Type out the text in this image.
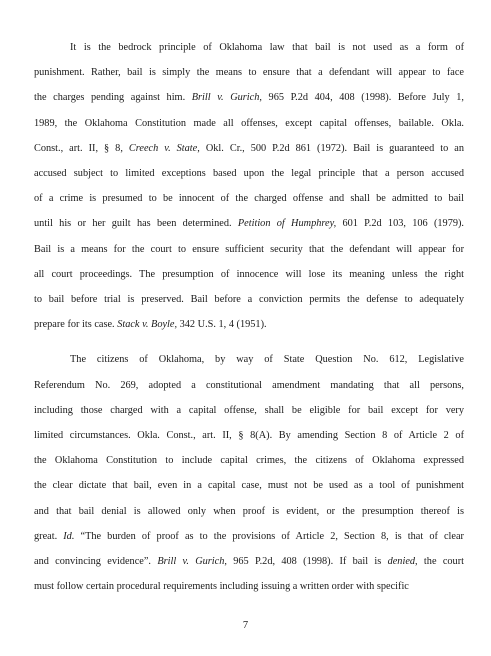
It is the bedrock principle of Oklahoma law that bail is not used as a form of
punishment. Rather, bail is simply the means to ensure that a defendant will appear to face
the charges pending against him. Brill v. Gurich, 965 P.2d 404, 408 (1998). Before July 1,
1989, the Oklahoma Constitution made all offenses, except capital offenses, bailable. Okla.
Const., art. II, § 8, Creech v. State, Okl. Cr., 500 P.2d 861 (1972). Bail is guaranteed to an
accused subject to limited exceptions based upon the legal principle that a person accused
of a crime is presumed to be innocent of the charged offense and shall be admitted to bail
until his or her guilt has been determined. Petition of Humphrey, 601 P.2d 103, 106 (1979).
Bail is a means for the court to ensure sufficient security that the defendant will appear for
all court proceedings. The presumption of innocence will lose its meaning unless the right
to bail before trial is preserved. Bail before a conviction permits the defense to adequately
prepare for its case. Stack v. Boyle, 342 U.S. 1, 4 (1951).
The citizens of Oklahoma, by way of State Question No. 612, Legislative
Referendum No. 269, adopted a constitutional amendment mandating that all persons,
including those charged with a capital offense, shall be eligible for bail except for very
limited circumstances. Okla. Const., art. II, § 8(A). By amending Section 8 of Article 2 of
the Oklahoma Constitution to include capital crimes, the citizens of Oklahoma expressed
the clear dictate that bail, even in a capital case, must not be used as a tool of punishment
and that bail denial is allowed only when proof is evident, or the presumption thereof is
great. Id. “The burden of proof as to the provisions of Article 2, Section 8, is that of clear
and convincing evidence”. Brill v. Gurich, 965 P.2d, 408 (1998). If bail is denied, the court
must follow certain procedural requirements including issuing a written order with specific
7
